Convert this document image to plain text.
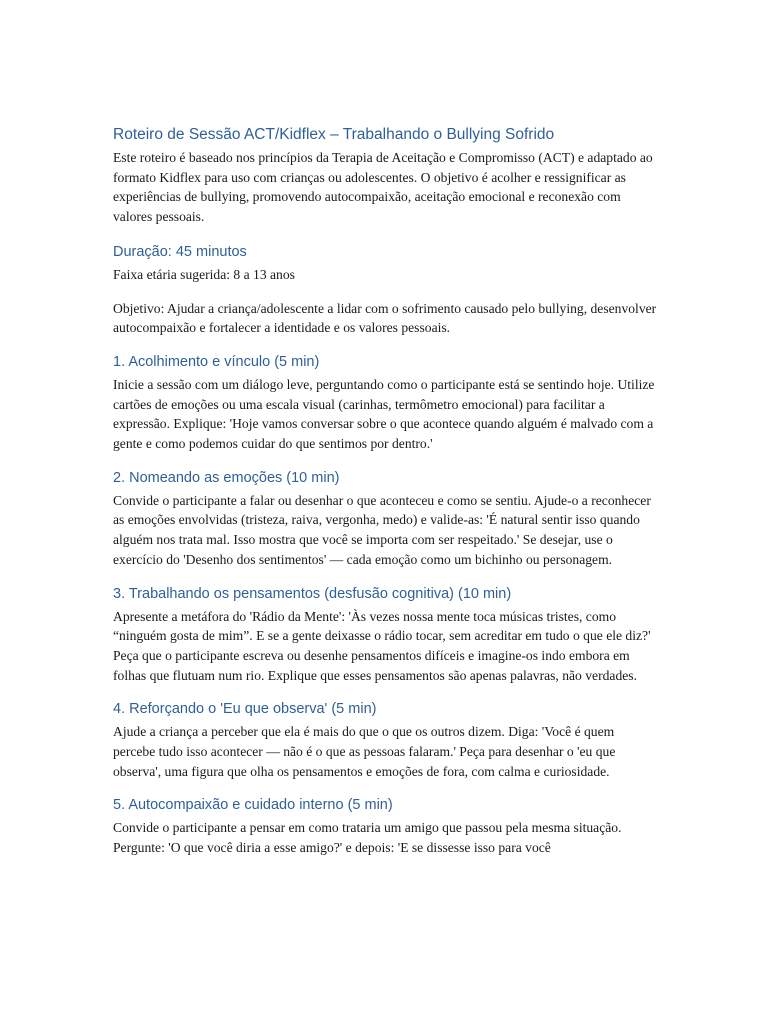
Roteiro de Sessão ACT/Kidflex – Trabalhando o Bullying Sofrido

Este roteiro é baseado nos princípios da Terapia de Aceitação e Compromisso (ACT) e adaptado ao formato Kidflex para uso com crianças ou adolescentes. O objetivo é acolher e ressignificar as experiências de bullying, promovendo autocompaixão, aceitação emocional e reconexão com valores pessoais.

Duração: 45 minutos

Faixa etária sugerida: 8 a 13 anos

Objetivo: Ajudar a criança/adolescente a lidar com o sofrimento causado pelo bullying, desenvolver autocompaixão e fortalecer a identidade e os valores pessoais.

1. Acolhimento e vínculo (5 min)

Inicie a sessão com um diálogo leve, perguntando como o participante está se sentindo hoje. Utilize cartões de emoções ou uma escala visual (carinhas, termômetro emocional) para facilitar a expressão. Explique: 'Hoje vamos conversar sobre o que acontece quando alguém é malvado com a gente e como podemos cuidar do que sentimos por dentro.'

2. Nomeando as emoções (10 min)

Convide o participante a falar ou desenhar o que aconteceu e como se sentiu. Ajude-o a reconhecer as emoções envolvidas (tristeza, raiva, vergonha, medo) e valide-as: 'É natural sentir isso quando alguém nos trata mal. Isso mostra que você se importa com ser respeitado.' Se desejar, use o exercício do 'Desenho dos sentimentos' — cada emoção como um bichinho ou personagem.

3. Trabalhando os pensamentos (desfusão cognitiva) (10 min)

Apresente a metáfora do 'Rádio da Mente': 'Às vezes nossa mente toca músicas tristes, como “ninguém gosta de mim”. E se a gente deixasse o rádio tocar, sem acreditar em tudo o que ele diz?' Peça que o participante escreva ou desenhe pensamentos difíceis e imagine-os indo embora em folhas que flutuam num rio. Explique que esses pensamentos são apenas palavras, não verdades.

4. Reforçando o 'Eu que observa' (5 min)

Ajude a criança a perceber que ela é mais do que o que os outros dizem. Diga: 'Você é quem percebe tudo isso acontecer — não é o que as pessoas falaram.' Peça para desenhar o 'eu que observa', uma figura que olha os pensamentos e emoções de fora, com calma e curiosidade.

5. Autocompaixão e cuidado interno (5 min)

Convide o participante a pensar em como trataria um amigo que passou pela mesma situação. Pergunte: 'O que você diria a esse amigo?' e depois: 'E se dissesse isso para você
